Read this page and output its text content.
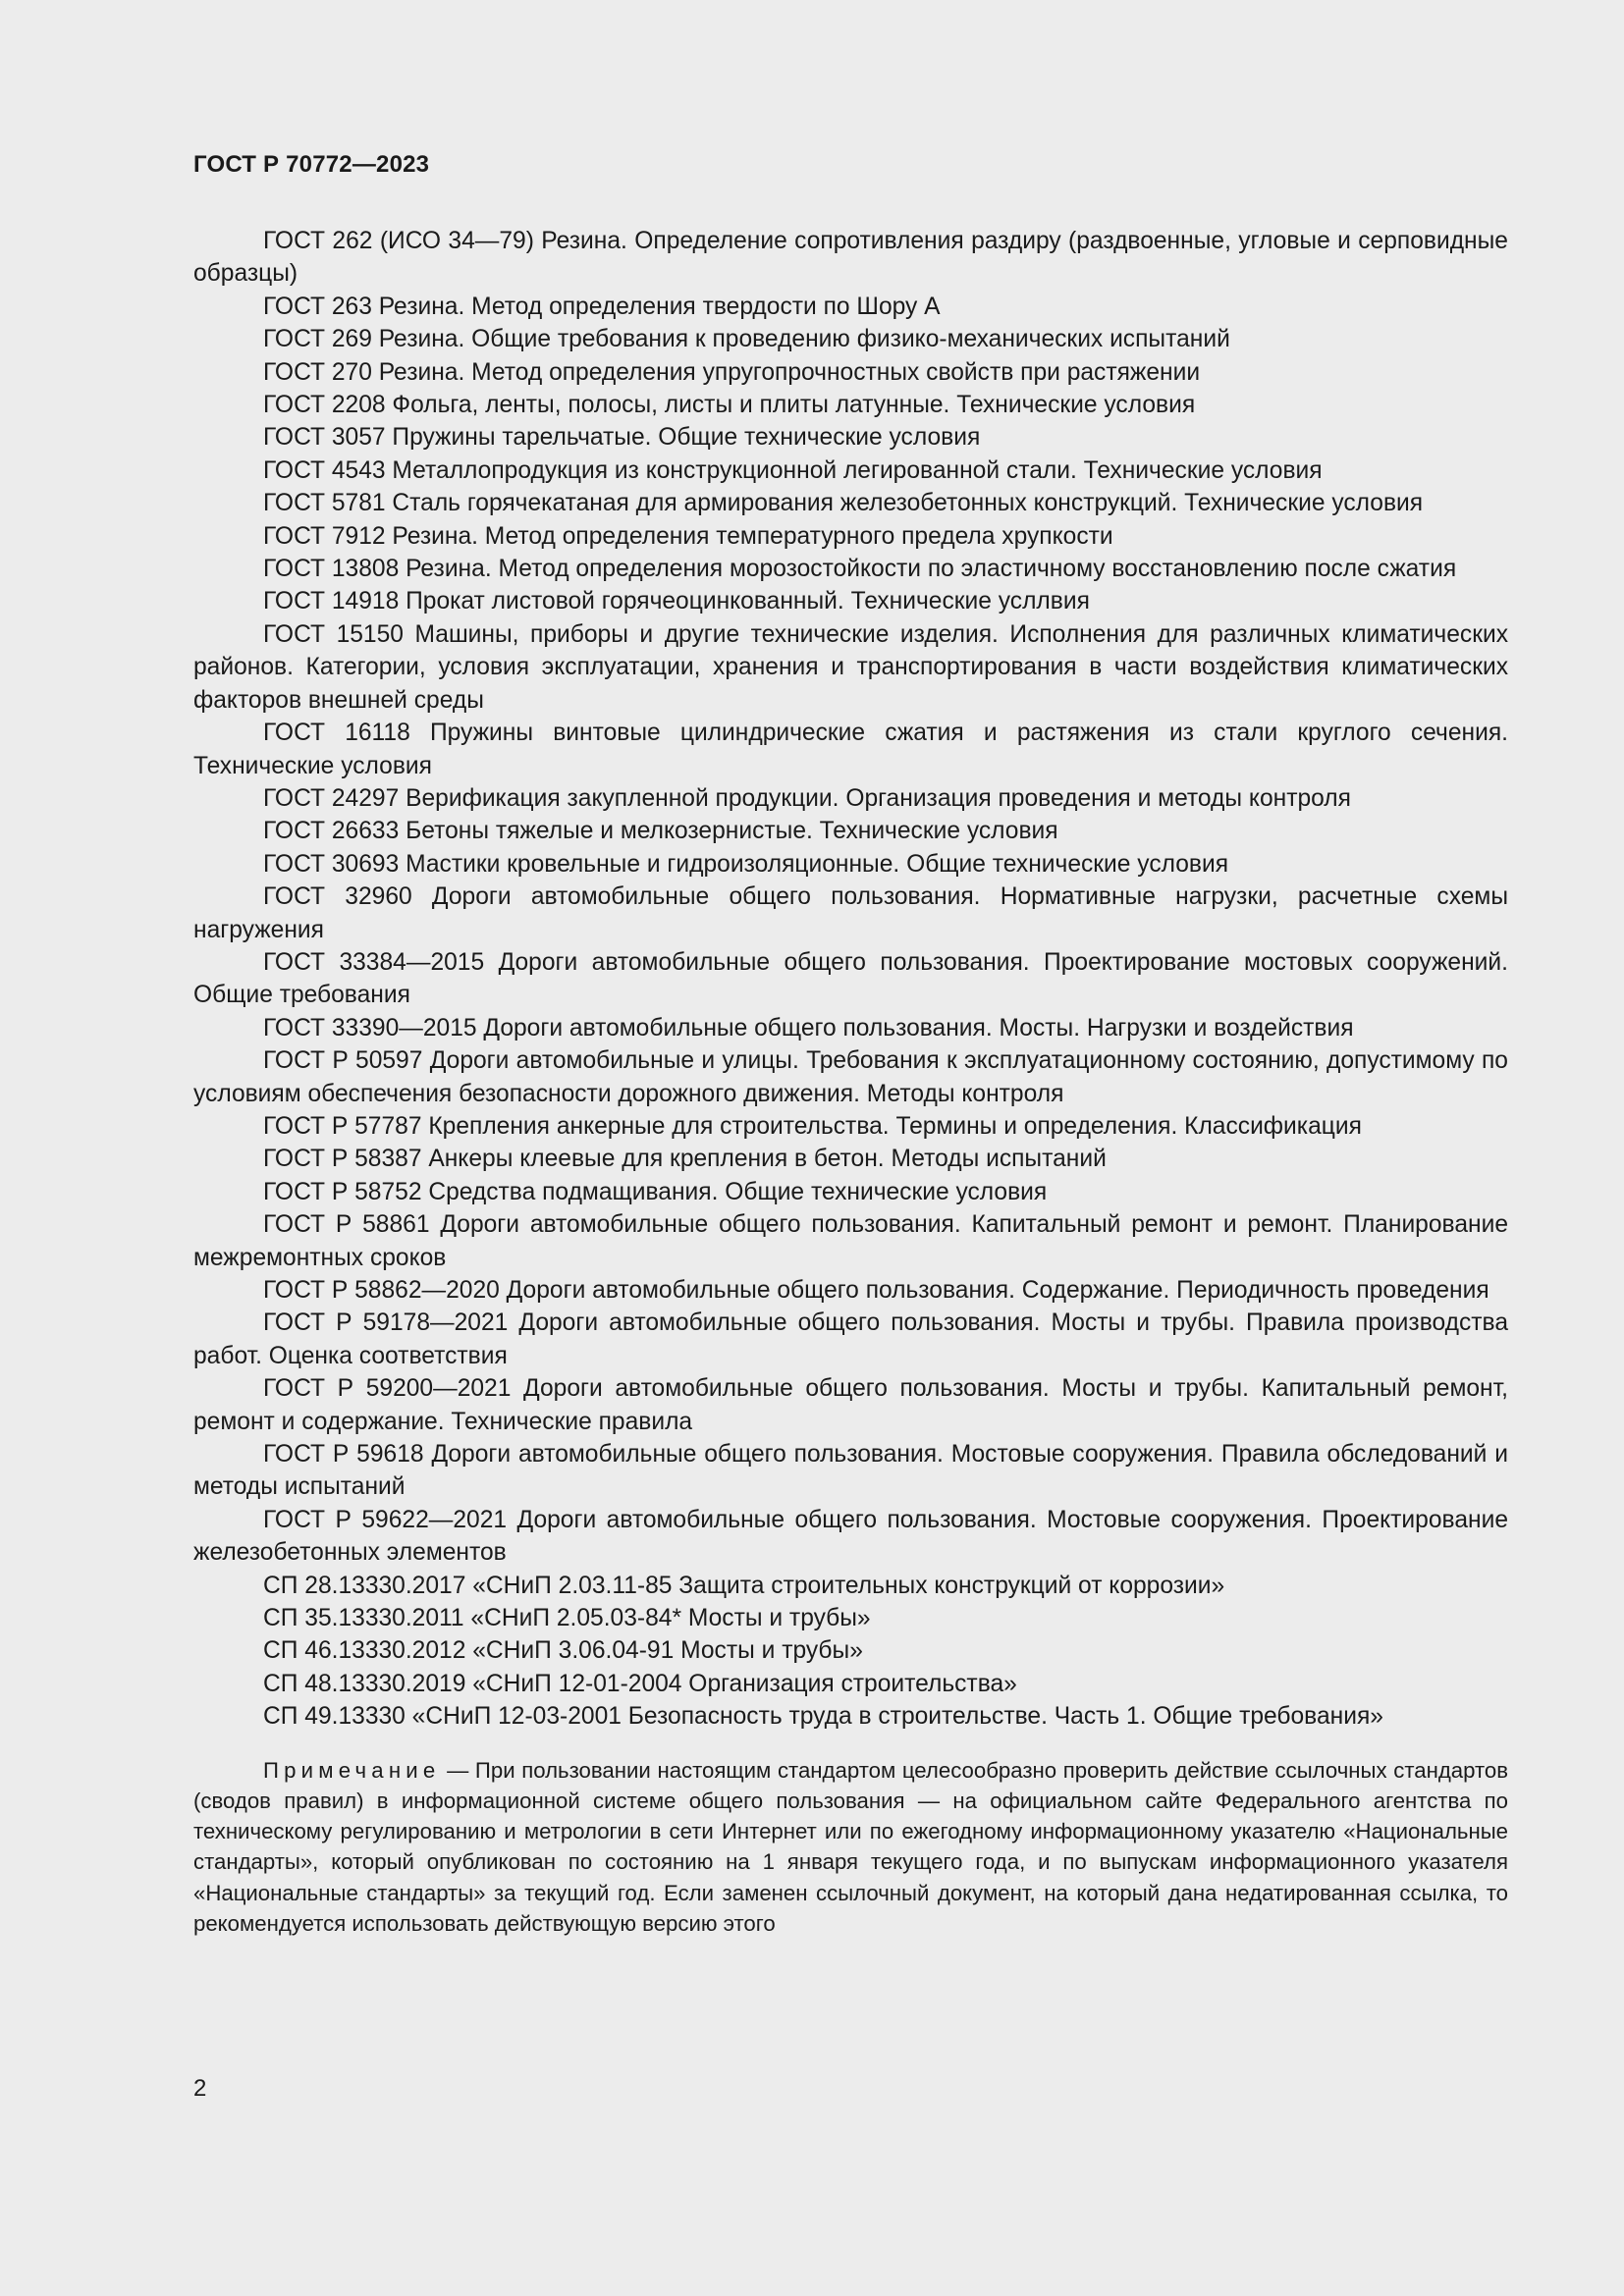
ГОСТ Р 70772—2023

ГОСТ 262 (ИСО 34—79) Резина. Определение сопротивления раздиру (раздвоенные, угловые и серповидные образцы)

ГОСТ 263 Резина. Метод определения твердости по Шору А

ГОСТ 269 Резина. Общие требования к проведению физико-механических испытаний

ГОСТ 270 Резина. Метод определения упругопрочностных свойств при растяжении

ГОСТ 2208 Фольга, ленты, полосы, листы и плиты латунные. Технические условия

ГОСТ 3057 Пружины тарельчатые. Общие технические условия

ГОСТ 4543 Металлопродукция из конструкционной легированной стали. Технические условия

ГОСТ 5781 Сталь горячекатаная для армирования железобетонных конструкций. Технические условия

ГОСТ 7912 Резина. Метод определения температурного предела хрупкости

ГОСТ 13808 Резина. Метод определения морозостойкости по эластичному восстановлению после сжатия

ГОСТ 14918 Прокат листовой горячеоцинкованный. Технические усллвия

ГОСТ 15150 Машины, приборы и другие технические изделия. Исполнения для различных климатических районов. Категории, условия эксплуатации, хранения и транспортирования в части воздействия климатических факторов внешней среды

ГОСТ 16118 Пружины винтовые цилиндрические сжатия и растяжения из стали круглого сечения. Технические условия

ГОСТ 24297 Верификация закупленной продукции. Организация проведения и методы контроля

ГОСТ 26633 Бетоны тяжелые и мелкозернистые. Технические условия

ГОСТ 30693 Мастики кровельные и гидроизоляционные. Общие технические условия

ГОСТ 32960 Дороги автомобильные общего пользования. Нормативные нагрузки, расчетные схемы нагружения

ГОСТ 33384—2015 Дороги автомобильные общего пользования. Проектирование мостовых сооружений. Общие требования

ГОСТ 33390—2015 Дороги автомобильные общего пользования. Мосты. Нагрузки и воздействия

ГОСТ Р 50597 Дороги автомобильные и улицы. Требования к эксплуатационному состоянию, допустимому по условиям обеспечения безопасности дорожного движения. Методы контроля

ГОСТ Р 57787 Крепления анкерные для строительства. Термины и определения. Классификация

ГОСТ Р 58387 Анкеры клеевые для крепления в бетон. Методы испытаний

ГОСТ Р 58752 Средства подмащивания. Общие технические условия

ГОСТ Р 58861 Дороги автомобильные общего пользования. Капитальный ремонт и ремонт. Планирование межремонтных сроков

ГОСТ Р 58862—2020 Дороги автомобильные общего пользования. Содержание. Периодичность проведения

ГОСТ Р 59178—2021 Дороги автомобильные общего пользования. Мосты и трубы. Правила производства работ. Оценка соответствия

ГОСТ Р 59200—2021 Дороги автомобильные общего пользования. Мосты и трубы. Капитальный ремонт, ремонт и содержание. Технические правила

ГОСТ Р 59618 Дороги автомобильные общего пользования. Мостовые сооружения. Правила обследований и методы испытаний

ГОСТ Р 59622—2021 Дороги автомобильные общего пользования. Мостовые сооружения. Проектирование железобетонных элементов

СП 28.13330.2017 «СНиП 2.03.11-85 Защита строительных конструкций от коррозии»

СП 35.13330.2011 «СНиП 2.05.03-84* Мосты и трубы»

СП 46.13330.2012 «СНиП 3.06.04-91 Мосты и трубы»

СП 48.13330.2019 «СНиП 12-01-2004 Организация строительства»

СП 49.13330 «СНиП 12-03-2001 Безопасность труда в строительстве. Часть 1. Общие требования»

Примечание — При пользовании настоящим стандартом целесообразно проверить действие ссылочных стандартов (сводов правил) в информационной системе общего пользования — на официальном сайте Федерального агентства по техническому регулированию и метрологии в сети Интернет или по ежегодному информационному указателю «Национальные стандарты», который опубликован по состоянию на 1 января текущего года, и по выпускам информационного указателя «Национальные стандарты» за текущий год. Если заменен ссылочный документ, на который дана недатированная ссылка, то рекомендуется использовать действующую версию этого
2
